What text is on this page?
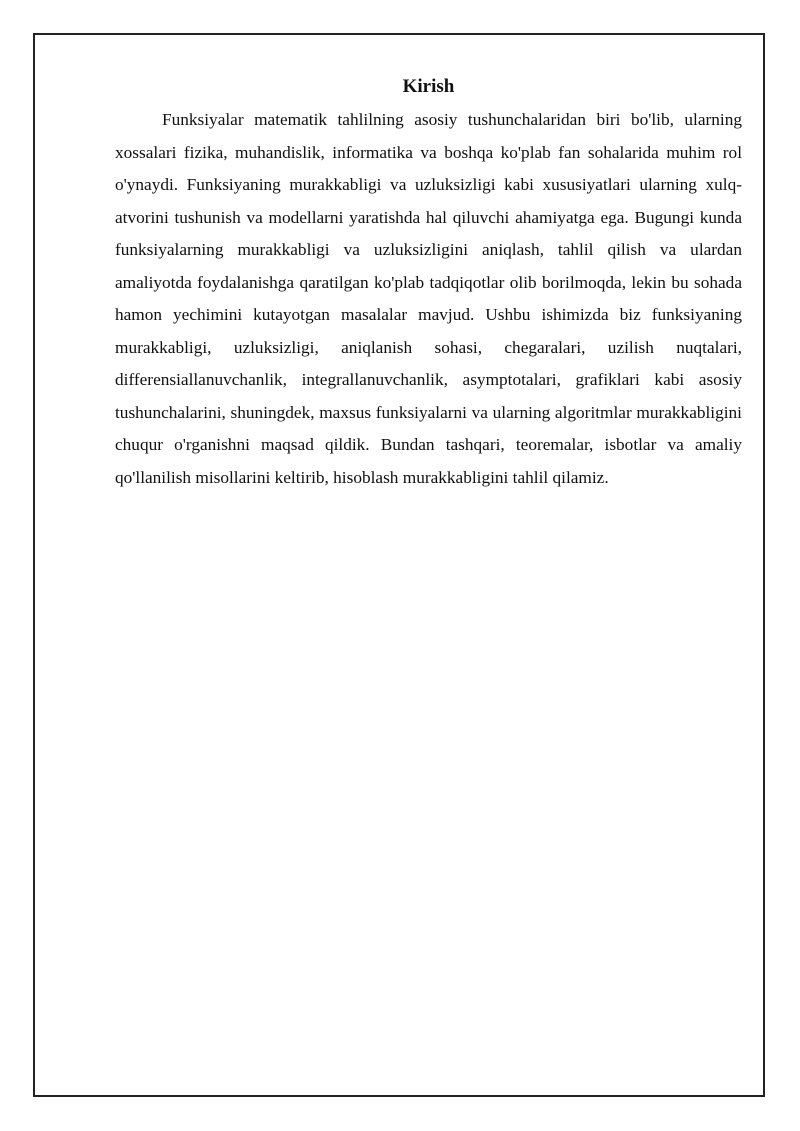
Kirish

Funksiyalar matematik tahlilning asosiy tushunchalaridan biri bo'lib, ularning xossalari fizika, muhandislik, informatika va boshqa ko'plab fan sohalarida muhim rol o'ynaydi. Funksiyaning murakkabligi va uzluksizligi kabi xususiyatlari ularning xulq-atvorini tushunish va modellarni yaratishda hal qiluvchi ahamiyatga ega. Bugungi kunda funksiyalarning murakkabligi va uzluksizligini aniqlash, tahlil qilish va ulardan amaliyotda foydalanishga qaratilgan ko'plab tadqiqotlar olib borilmoqda, lekin bu sohada hamon yechimini kutayotgan masalalar mavjud. Ushbu ishimizda biz funksiyaning murakkabligi, uzluksizligi, aniqlanish sohasi, chegaralari, uzilish nuqtalari, differensiallanuvchanlik, integrallanuvchanlik, asymptotalari, grafiklari kabi asosiy tushunchalarini, shuningdek, maxsus funksiyalarni va ularning algoritmlar murakkabligini chuqur o'rganishni maqsad qildik. Bundan tashqari, teoremalar, isbotlar va amaliy qo'llanilish misollarini keltirib, hisoblash murakkabligini tahlil qilamiz.
